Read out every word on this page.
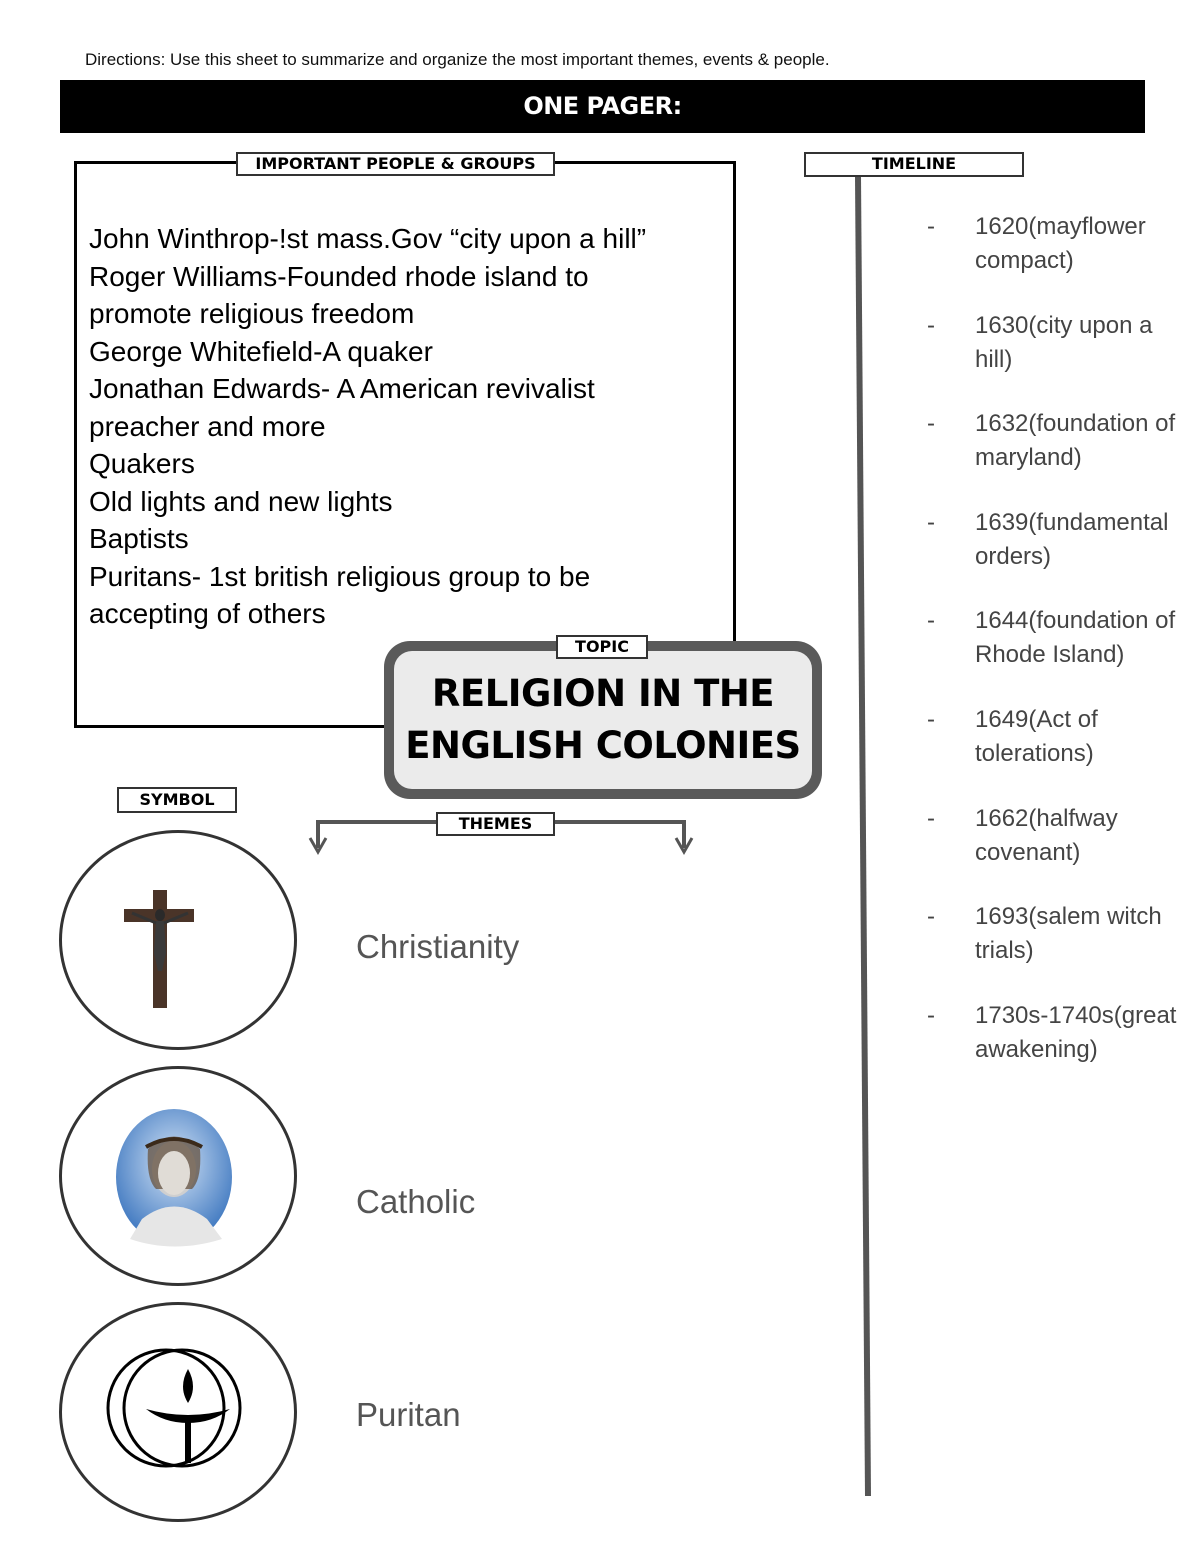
Directions: Use this sheet to summarize and organize the most important themes, events & people.
ONE PAGER:
IMPORTANT PEOPLE & GROUPS
John Winthrop-!st mass.Gov “city upon a hill”
Roger Williams-Founded rhode island to
promote religious freedom
George Whitefield-A quaker
Jonathan Edwards- A American revivalist
preacher and more
Quakers
Old lights and new lights
Baptists
Puritans- 1st british religious group to be
accepting of others
RELIGION IN THE
ENGLISH COLONIES
TOPIC
SYMBOL
THEMES
TIMELINE
-	1620(mayflower compact)
-	1630(city upon a hill)
-	1632(foundation of maryland)
-	1639(fundamental orders)
-	1644(foundation of Rhode Island)
-	1649(Act of tolerations)
-	1662(halfway covenant)
-	1693(salem witch trials)
-	1730s-1740s(great awakening)
Christianity
Catholic
Puritan
